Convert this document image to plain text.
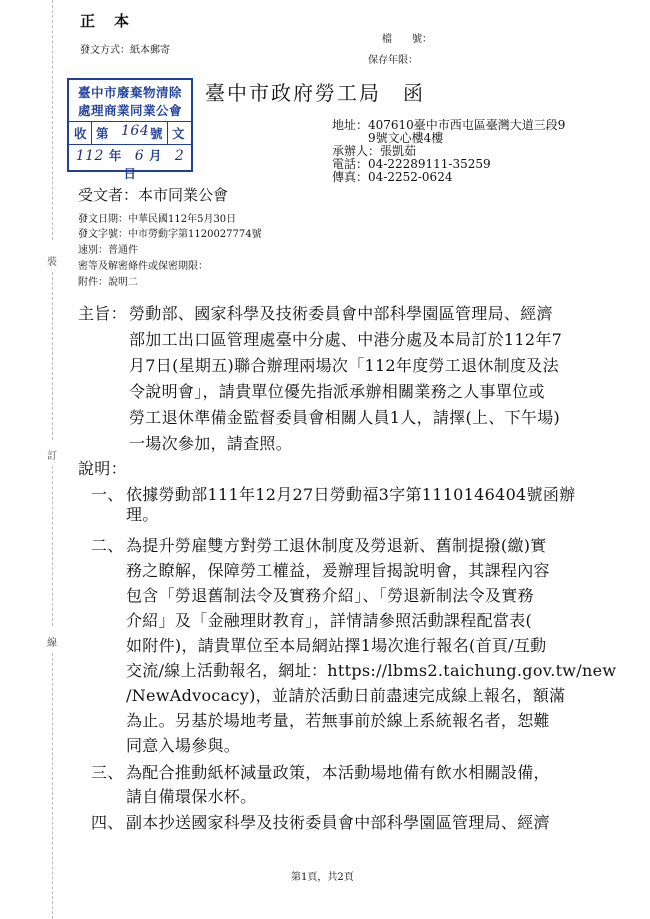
裝
訂
線
正　本
發文方式：紙本郵寄
檔　　號：
保存年限：
臺中市廢棄物清除
處理商業同業公會
收 第 164 號 文
112 年 6 月 2 日
臺中市政府勞工局　函
地址： 407610臺中市西屯區臺灣大道三段9
9號文心樓4樓
承辦人：張凱茹
電話：04-22289111-35259
傳真：04-2252-0624
受文者：本市同業公會
發文日期：中華民國112年5月30日
發文字號：中市勞動字第1120027774號
速別：普通件
密等及解密條件或保密期限：
附件：說明二
主旨： 勞動部、國家科學及技術委員會中部科學園區管理局、經濟
部加工出口區管理處臺中分處、中港分處及本局訂於112年7
月7日(星期五)聯合辦理兩場次「112年度勞工退休制度及法
令說明會」，請貴單位優先指派承辦相關業務之人事單位或
勞工退休準備金監督委員會相關人員1人，請擇(上、下午場)
一場次參加，請查照。
說明：
一、 依據勞動部111年12月27日勞動福3字第1110146404號函辦
理。
二、 為提升勞雇雙方對勞工退休制度及勞退新、舊制提撥(繳)實
務之瞭解，保障勞工權益，爰辦理旨揭說明會，其課程內容
包含「勞退舊制法令及實務介紹」、「勞退新制法令及實務
介紹」及「金融理財教育」，詳情請參照活動課程配當表(
如附件)，請貴單位至本局網站擇1場次進行報名(首頁/互動
交流/線上活動報名，網址：https://lbms2.taichung.gov.tw/new
/NewAdvocacy)，並請於活動日前盡速完成線上報名，額滿
為止。另基於場地考量，若無事前於線上系統報名者，恕難
同意入場參與。
三、 為配合推動紙杯減量政策，本活動場地備有飲水相關設備，
請自備環保水杯。
四、 副本抄送國家科學及技術委員會中部科學園區管理局、經濟
第1頁，共2頁
